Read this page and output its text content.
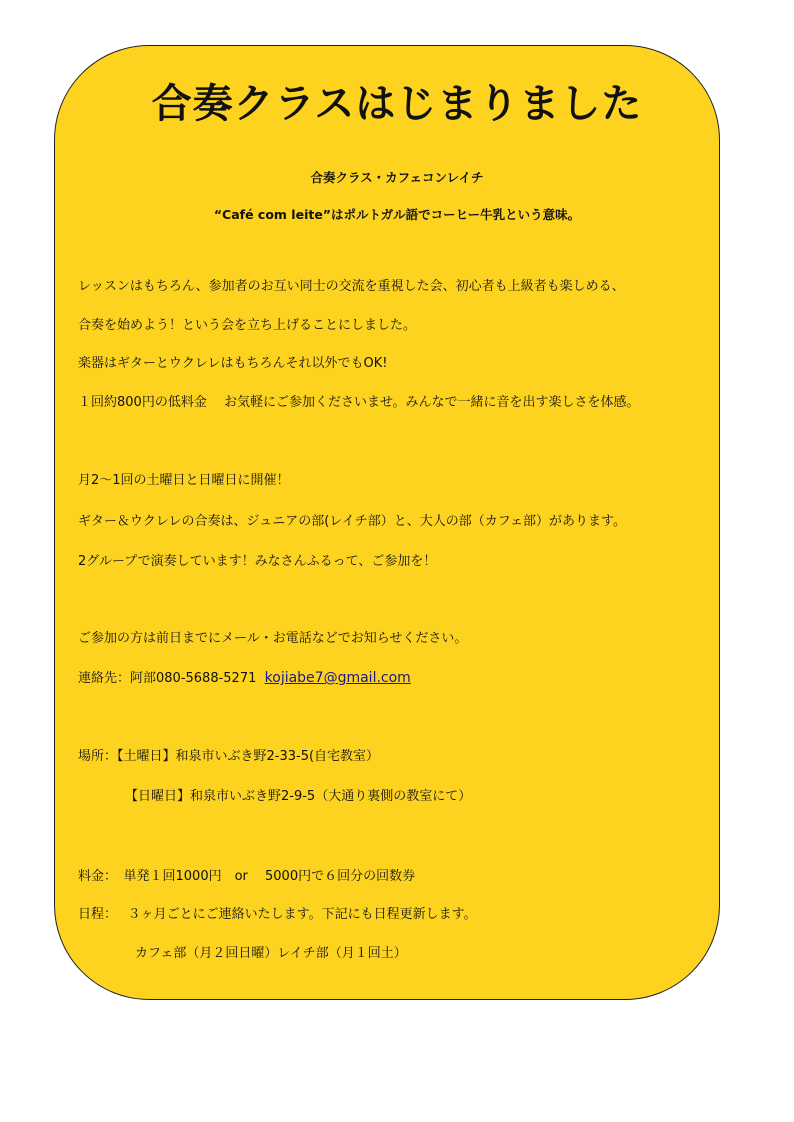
合奏クラスはじまりました
合奏クラス・カフェコンレイチ
“Café com leite”はポルトガル語でコーヒー牛乳という意味。
レッスンはもちろん、参加者のお互い同士の交流を重視した会、初心者も上級者も楽しめる、
合奏を始めよう！という会を立ち上げることにしました。
楽器はギターとウクレレはもちろんそれ以外でもOK!
１回約800円の低料金　 お気軽にご参加くださいませ。みんなで一緒に音を出す楽しさを体感。
月2〜1回の土曜日と日曜日に開催！
ギター＆ウクレレの合奏は、ジュニアの部(レイチ部）と、大人の部（カフェ部）があります。
2グループで演奏しています！みなさんふるって、ご参加を！
ご参加の方は前日までにメール・お電話などでお知らせください。
連絡先：阿部080-5688-5271  kojiabe7@gmail.com
場所：【土曜日】和泉市いぶき野2-33-5(自宅教室）
【日曜日】和泉市いぶき野2-9-5（大通り裏側の教室にて）
料金：　単発１回1000円　or　 5000円で６回分の回数券
日程：　 ３ヶ月ごとにご連絡いたします。下記にも日程更新します。
カフェ部（月２回日曜）レイチ部（月１回土）
